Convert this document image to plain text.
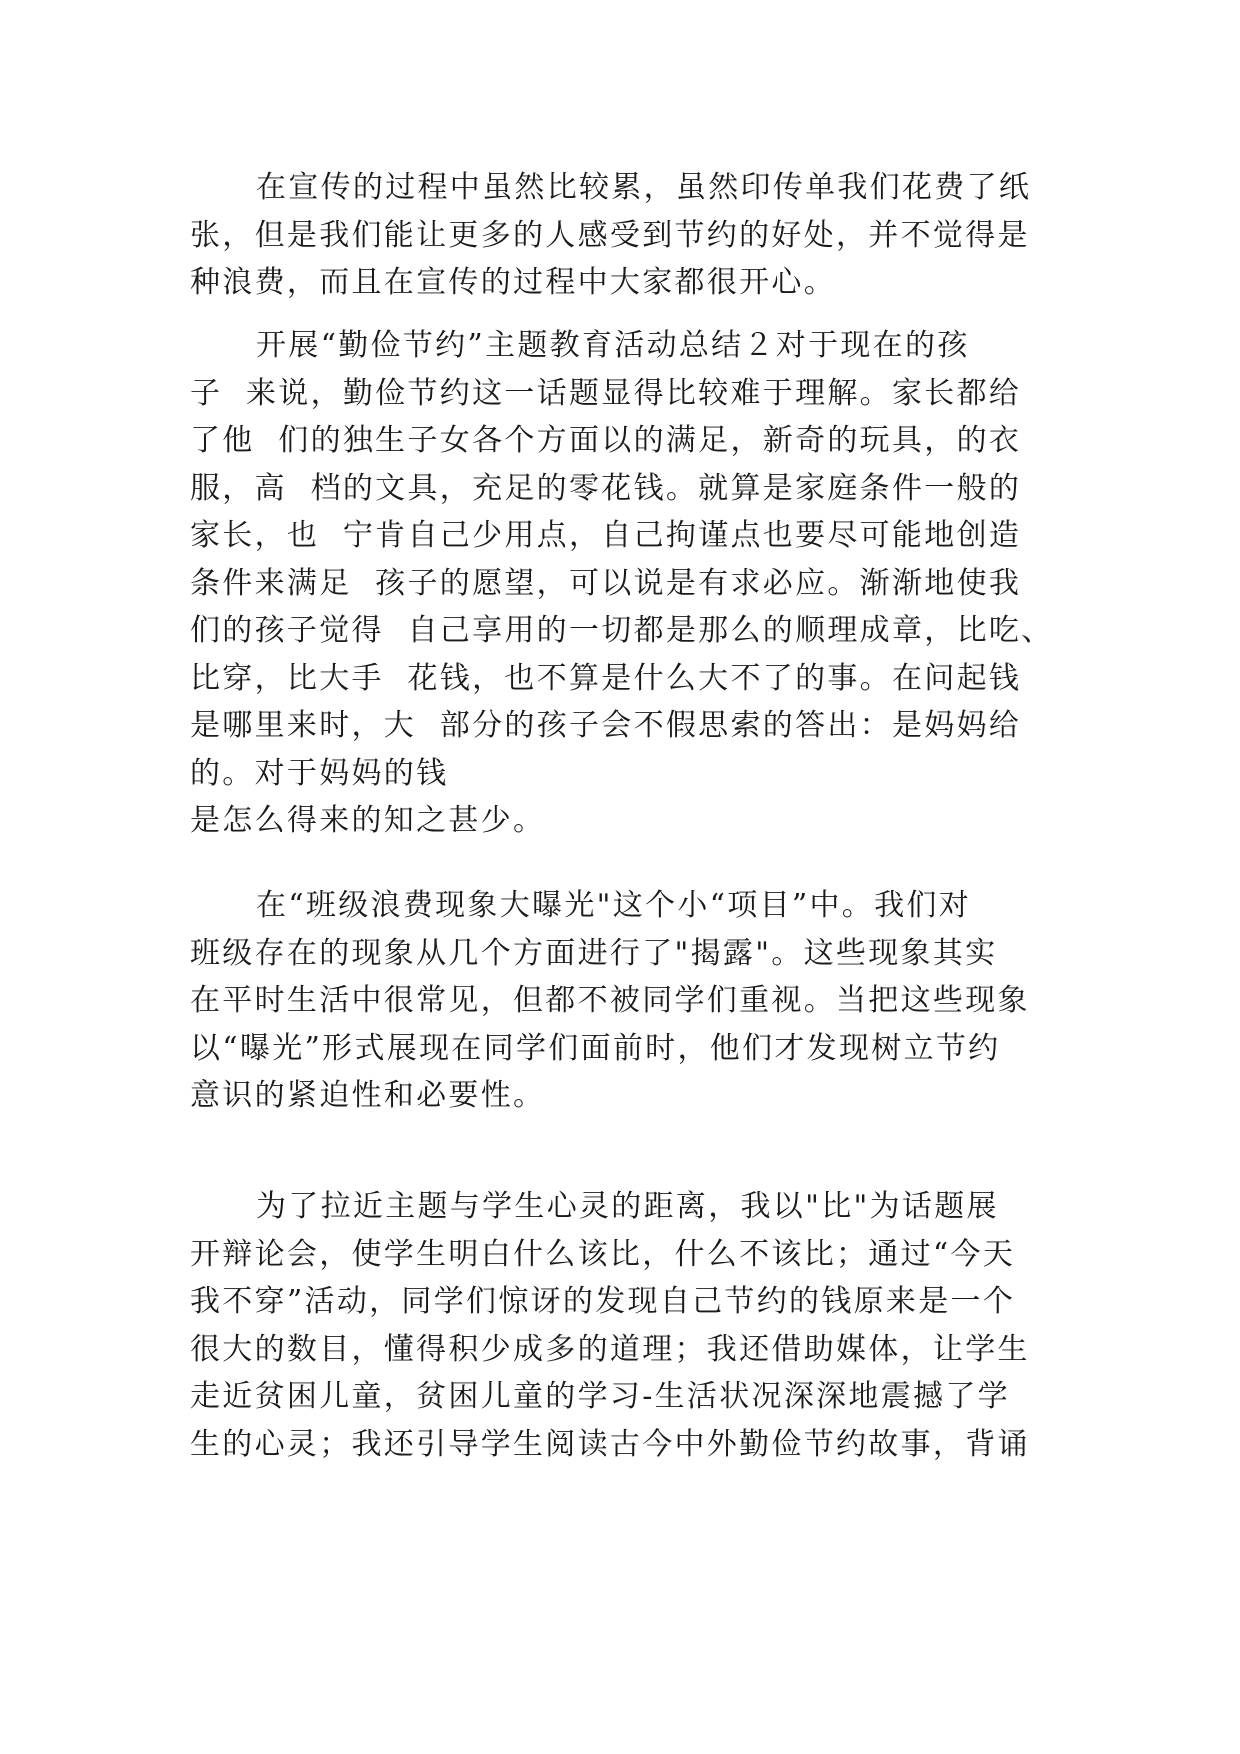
在宣传的过程中虽然比较累，虽然印传单我们花费了纸
张，但是我们能让更多的人感受到节约的好处，并不觉得是
种浪费，而且在宣传的过程中大家都很开心。
开展“勤俭节约”主题教育活动总结２对于现在的孩
子  来说，勤俭节约这一话题显得比较难于理解。家长都给
了他  们的独生子女各个方面以的满足，新奇的玩具，的衣
服，高  档的文具，充足的零花钱。就算是家庭条件一般的
家长，也  宁肯自己少用点，自己拘谨点也要尽可能地创造
条件来满足  孩子的愿望，可以说是有求必应。渐渐地使我
们的孩子觉得  自己享用的一切都是那么的顺理成章，比吃、
比穿，比大手  花钱，也不算是什么大不了的事。在问起钱
是哪里来时，大  部分的孩子会不假思索的答出：是妈妈给
的。对于妈妈的钱
是怎么得来的知之甚少。
在“班级浪费现象大曝光"这个小“项目”中。我们对
班级存在的现象从几个方面进行了"揭露"。这些现象其实
在平时生活中很常见，但都不被同学们重视。当把这些现象
以“曝光”形式展现在同学们面前时，他们才发现树立节约
意识的紧迫性和必要性。
为了拉近主题与学生心灵的距离，我以"比"为话题展
开辩论会，使学生明白什么该比，什么不该比；通过“今天
我不穿”活动，同学们惊讶的发现自己节约的钱原来是一个
很大的数目，懂得积少成多的道理；我还借助媒体，让学生
走近贫困儿童，贫困儿童的学习-生活状况深深地震撼了学
生的心灵；我还引导学生阅读古今中外勤俭节约故事，背诵
